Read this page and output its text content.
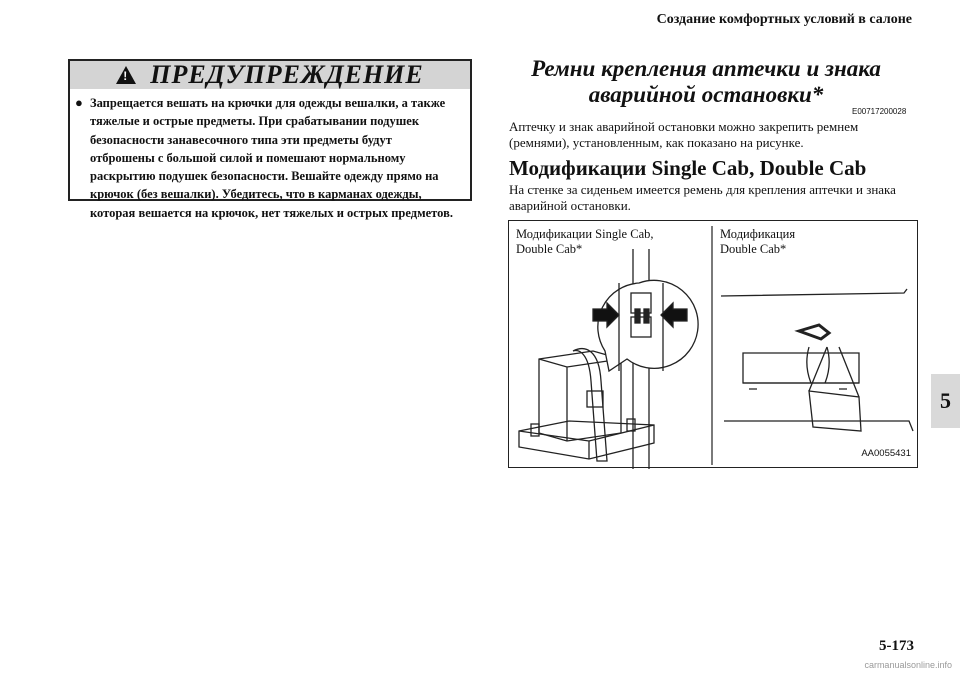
Создание комфортных условий в салоне
! ПРЕДУПРЕЖДЕНИЕ
● Запрещается вешать на крючки для одежды вешалки, а также
тяжелые и острые предметы. При срабатывании подушек
безопасности занавесочного типа эти предметы будут
отброшены с большой силой и помешают нормальному
раскрытию подушек безопасности. Вешайте одежду прямо на
крючок (без вешалки). Убедитесь, что в карманах одежды,
которая вешается на крючок, нет тяжелых и острых предметов.
Ремни крепления аптечки и знака
аварийной остановки*
E00717200028
Аптечку и знак аварийной остановки можно закрепить ремнем
(ремнями), установленным, как показано на рисунке.
Модификации Single Cab, Double Cab
На стенке за сиденьем имеется ремень для крепления аптечки и знака
аварийной остановки.
Модификации Single Cab,
Double Cab*
Модификация
Double Cab*
AA0055431
5
5-173
carmanualsonline.info
